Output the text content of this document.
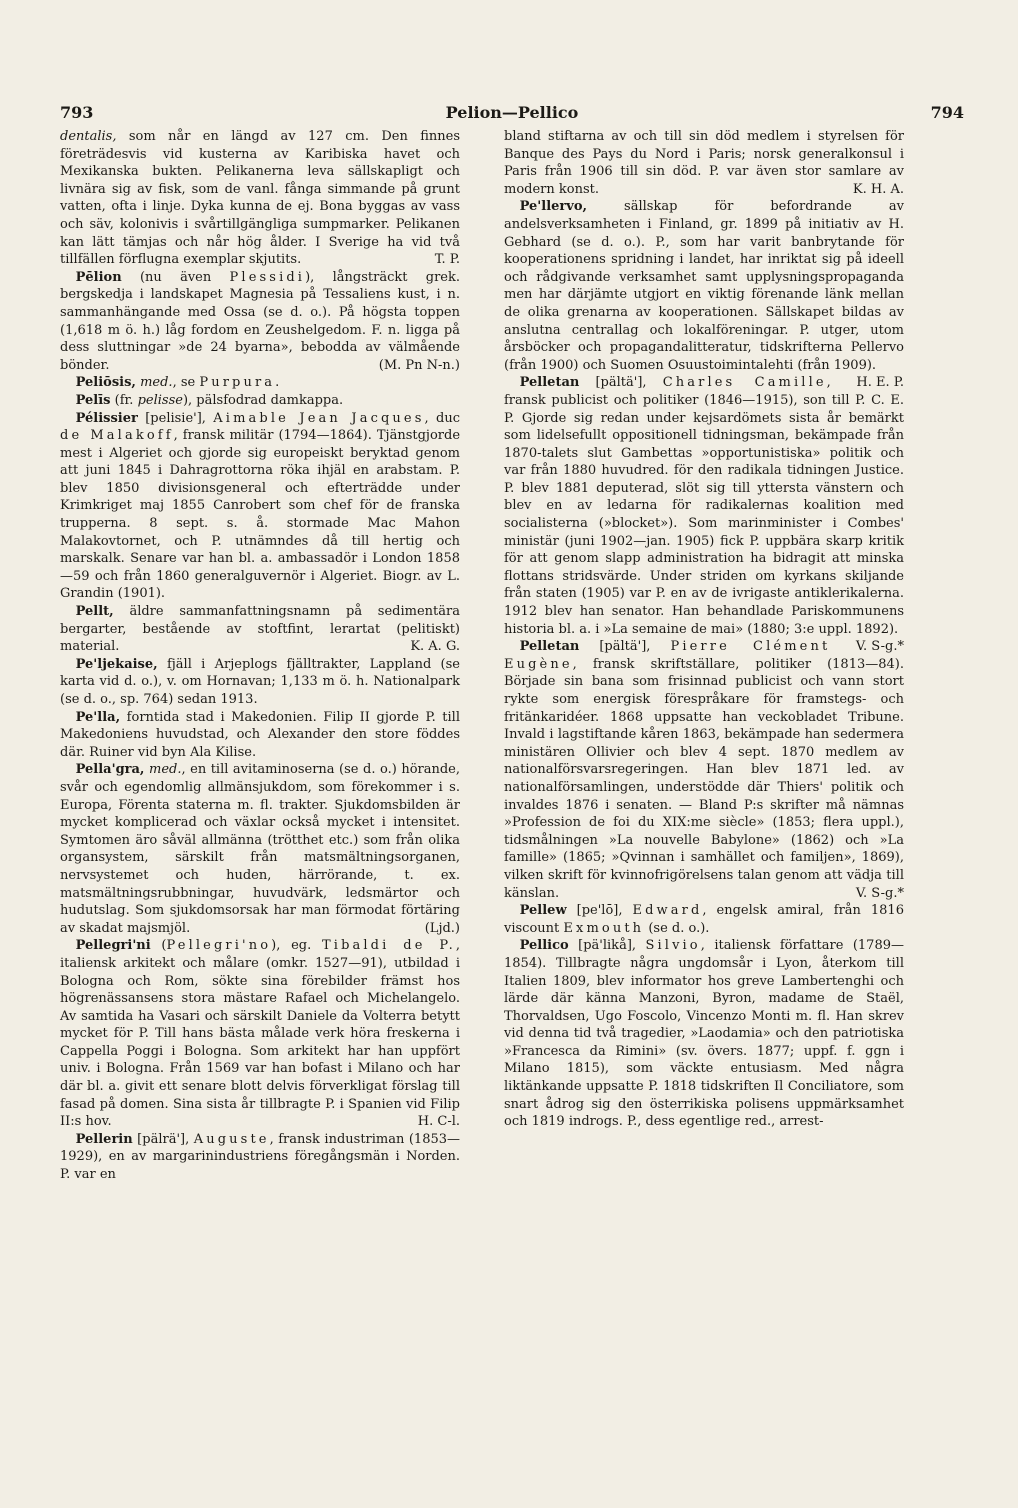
793	Pelion—Pellico	794

dentalis, som når en längd av 127 cm. Den finnes företrädesvis vid kusterna av Karibiska havet och Mexikanska bukten. Pelikanerna leva sällskapligt och livnära sig av fisk, som de vanl. fånga simmande på grunt vatten, ofta i linje. Dyka kunna de ej. Bona byggas av vass och säv, kolonivis i svårtillgängliga sumpmarker. Pelikanen kan lätt tämjas och når hög ålder. I Sverige ha vid två tillfällen förflugna exemplar skjutits.	T. P.

Pēlion (nu även Plessidi), långsträckt grek. bergskedja i landskapet Magnesia på Tessaliens kust, i n. sammanhängande med Ossa (se d. o.). På högsta toppen (1,618 m ö. h.) låg fordom en Zeushelgedom. F. n. ligga på dess sluttningar »de 24 byarna», bebodda av välmående bönder.	(M. Pn N-n.)

Peliōsis, med., se Purpura.

Pelīs (fr. pelisse), pälsfodrad damkappa.

Pélissier [pelisie'], Aimable Jean Jacques, duc de Malakoff, fransk militär (1794—1864). Tjänstgjorde mest i Algeriet och gjorde sig europeiskt beryktad genom att juni 1845 i Dahragrottorna röka ihjäl en arabstam. P. blev 1850 divisionsgeneral och efterträdde under Krimkriget maj 1855 Canrobert som chef för de franska trupperna. 8 sept. s. å. stormade Mac Mahon Malakovtornet, och P. utnämndes då till hertig och marskalk. Senare var han bl. a. ambassadör i London 1858—59 och från 1860 generalguvernör i Algeriet. Biogr. av L. Grandin (1901).

Pellt, äldre sammanfattningsnamn på sedimentära bergarter, bestående av stoftfint, lerartat (pelitiskt) material.	K. A. G.

Pe'ljekaise, fjäll i Arjeplogs fjälltrakter, Lappland (se karta vid d. o.), v. om Hornavan; 1,133 m ö. h. Nationalpark (se d. o., sp. 764) sedan 1913.

Pe'lla, forntida stad i Makedonien. Filip II gjorde P. till Makedoniens huvudstad, och Alexander den store föddes där. Ruiner vid byn Ala Kilise.

Pella'gra, med., en till avitaminoserna (se d. o.) hörande, svår och egendomlig allmänsjukdom, som förekommer i s. Europa, Förenta staterna m. fl. trakter. Sjukdomsbilden är mycket komplicerad och växlar också mycket i intensitet. Symtomen äro såväl allmänna (trötthet etc.) som från olika organsystem, särskilt från matsmältningsorganen, nervsystemet och huden, härrörande, t. ex. matsmältningsrubbningar, huvudvärk, ledsmärtor och hudutslag. Som sjukdomsorsak har man förmodat förtäring av skadat majsmjöl.	(Ljd.)

Pellegri'ni (Pellegri'no), eg. Tibaldi de P., italiensk arkitekt och målare (omkr. 1527—91), utbildad i Bologna och Rom, sökte sina förebilder främst hos högrenässansens stora mästare Rafael och Michelangelo. Av samtida ha Vasari och särskilt Daniele da Volterra betytt mycket för P. Till hans bästa målade verk höra freskerna i Cappella Poggi i Bologna. Som arkitekt har han uppfört univ. i Bologna. Från 1569 var han bofast i Milano och har där bl. a. givit ett senare blott delvis förverkligat förslag till fasad på domen. Sina sista år tillbragte P. i Spanien vid Filip II:s hov.	H. C-l.

Pellerin [pälrä'], Auguste, fransk industriman (1853—1929), en av margarinindustriens föregångsmän i Norden. P. var en

bland stiftarna av och till sin död medlem i styrelsen för Banque des Pays du Nord i Paris; norsk generalkonsul i Paris från 1906 till sin död. P. var även stor samlare av modern konst.	K. H. A.

Pe'llervo, sällskap för befordrande av andelsverksamheten i Finland, gr. 1899 på initiativ av H. Gebhard (se d. o.). P., som har varit banbrytande för kooperationens spridning i landet, har inriktat sig på ideell och rådgivande verksamhet samt upplysningspropaganda men har därjämte utgjort en viktig förenande länk mellan de olika grenarna av kooperationen. Sällskapet bildas av anslutna centrallag och lokalföreningar. P. utger, utom årsböcker och propagandalitteratur, tidskrifterna Pellervo (från 1900) och Suomen Osuustoimintalehti (från 1909).
H. E. P.

Pelletan [pältä'], Charles Camille, fransk publicist och politiker (1846—1915), son till P. C. E. P. Gjorde sig redan under kejsardömets sista år bemärkt som lidelsefullt oppositionell tidningsman, bekämpade från 1870-talets slut Gambettas »opportunistiska» politik och var från 1880 huvudred. för den radikala tidningen Justice. P. blev 1881 deputerad, slöt sig till yttersta vänstern och blev en av ledarna för radikalernas koalition med socialisterna (»blocket»). Som marinminister i Combes' ministär (juni 1902—jan. 1905) fick P. uppbära skarp kritik för att genom slapp administration ha bidragit att minska flottans stridsvärde. Under striden om kyrkans skiljande från staten (1905) var P. en av de ivrigaste antiklerikalerna. 1912 blev han senator. Han behandlade Pariskommunens historia bl. a. i »La semaine de mai» (1880; 3:e uppl. 1892).
V. S-g.*

Pelletan [pältä'], Pierre Clément Eugène, fransk skriftställare, politiker (1813—84). Började sin bana som frisinnad publicist och vann stort rykte som energisk förespråkare för framstegs- och fritänkaridéer. 1868 uppsatte han veckobladet Tribune. Invald i lagstiftande kåren 1863, bekämpade han sedermera ministären Ollivier och blev 4 sept. 1870 medlem av nationalförsvarsregeringen. Han blev 1871 led. av nationalförsamlingen, understödde där Thiers' politik och invaldes 1876 i senaten. — Bland P:s skrifter må nämnas »Profession de foi du XIX:me siècle» (1853; flera uppl.), tidsmålningen »La nouvelle Babylone» (1862) och »La famille» (1865; »Qvinnan i samhället och familjen», 1869), vilken skrift för kvinnofrigörelsens talan genom att vädja till känslan.	V. S-g.*

Pellew [pe'lō], Edward, engelsk amiral, från 1816 viscount Exmouth (se d. o.).

Pellico [pä'likå], Silvio, italiensk författare (1789—1854). Tillbragte några ungdomsår i Lyon, återkom till Italien 1809, blev informator hos greve Lambertenghi och lärde där känna Manzoni, Byron, madame de Staël, Thorvaldsen, Ugo Foscolo, Vincenzo Monti m. fl. Han skrev vid denna tid två tragedier, »Laodamia» och den patriotiska »Francesca da Rimini» (sv. övers. 1877; uppf. f. ggn i Milano 1815), som väckte entusiasm. Med några liktänkande uppsatte P. 1818 tidskriften Il Conciliatore, som snart ådrog sig den österrikiska polisens uppmärksamhet och 1819 indrogs. P., dess egentlige red., arrest-
